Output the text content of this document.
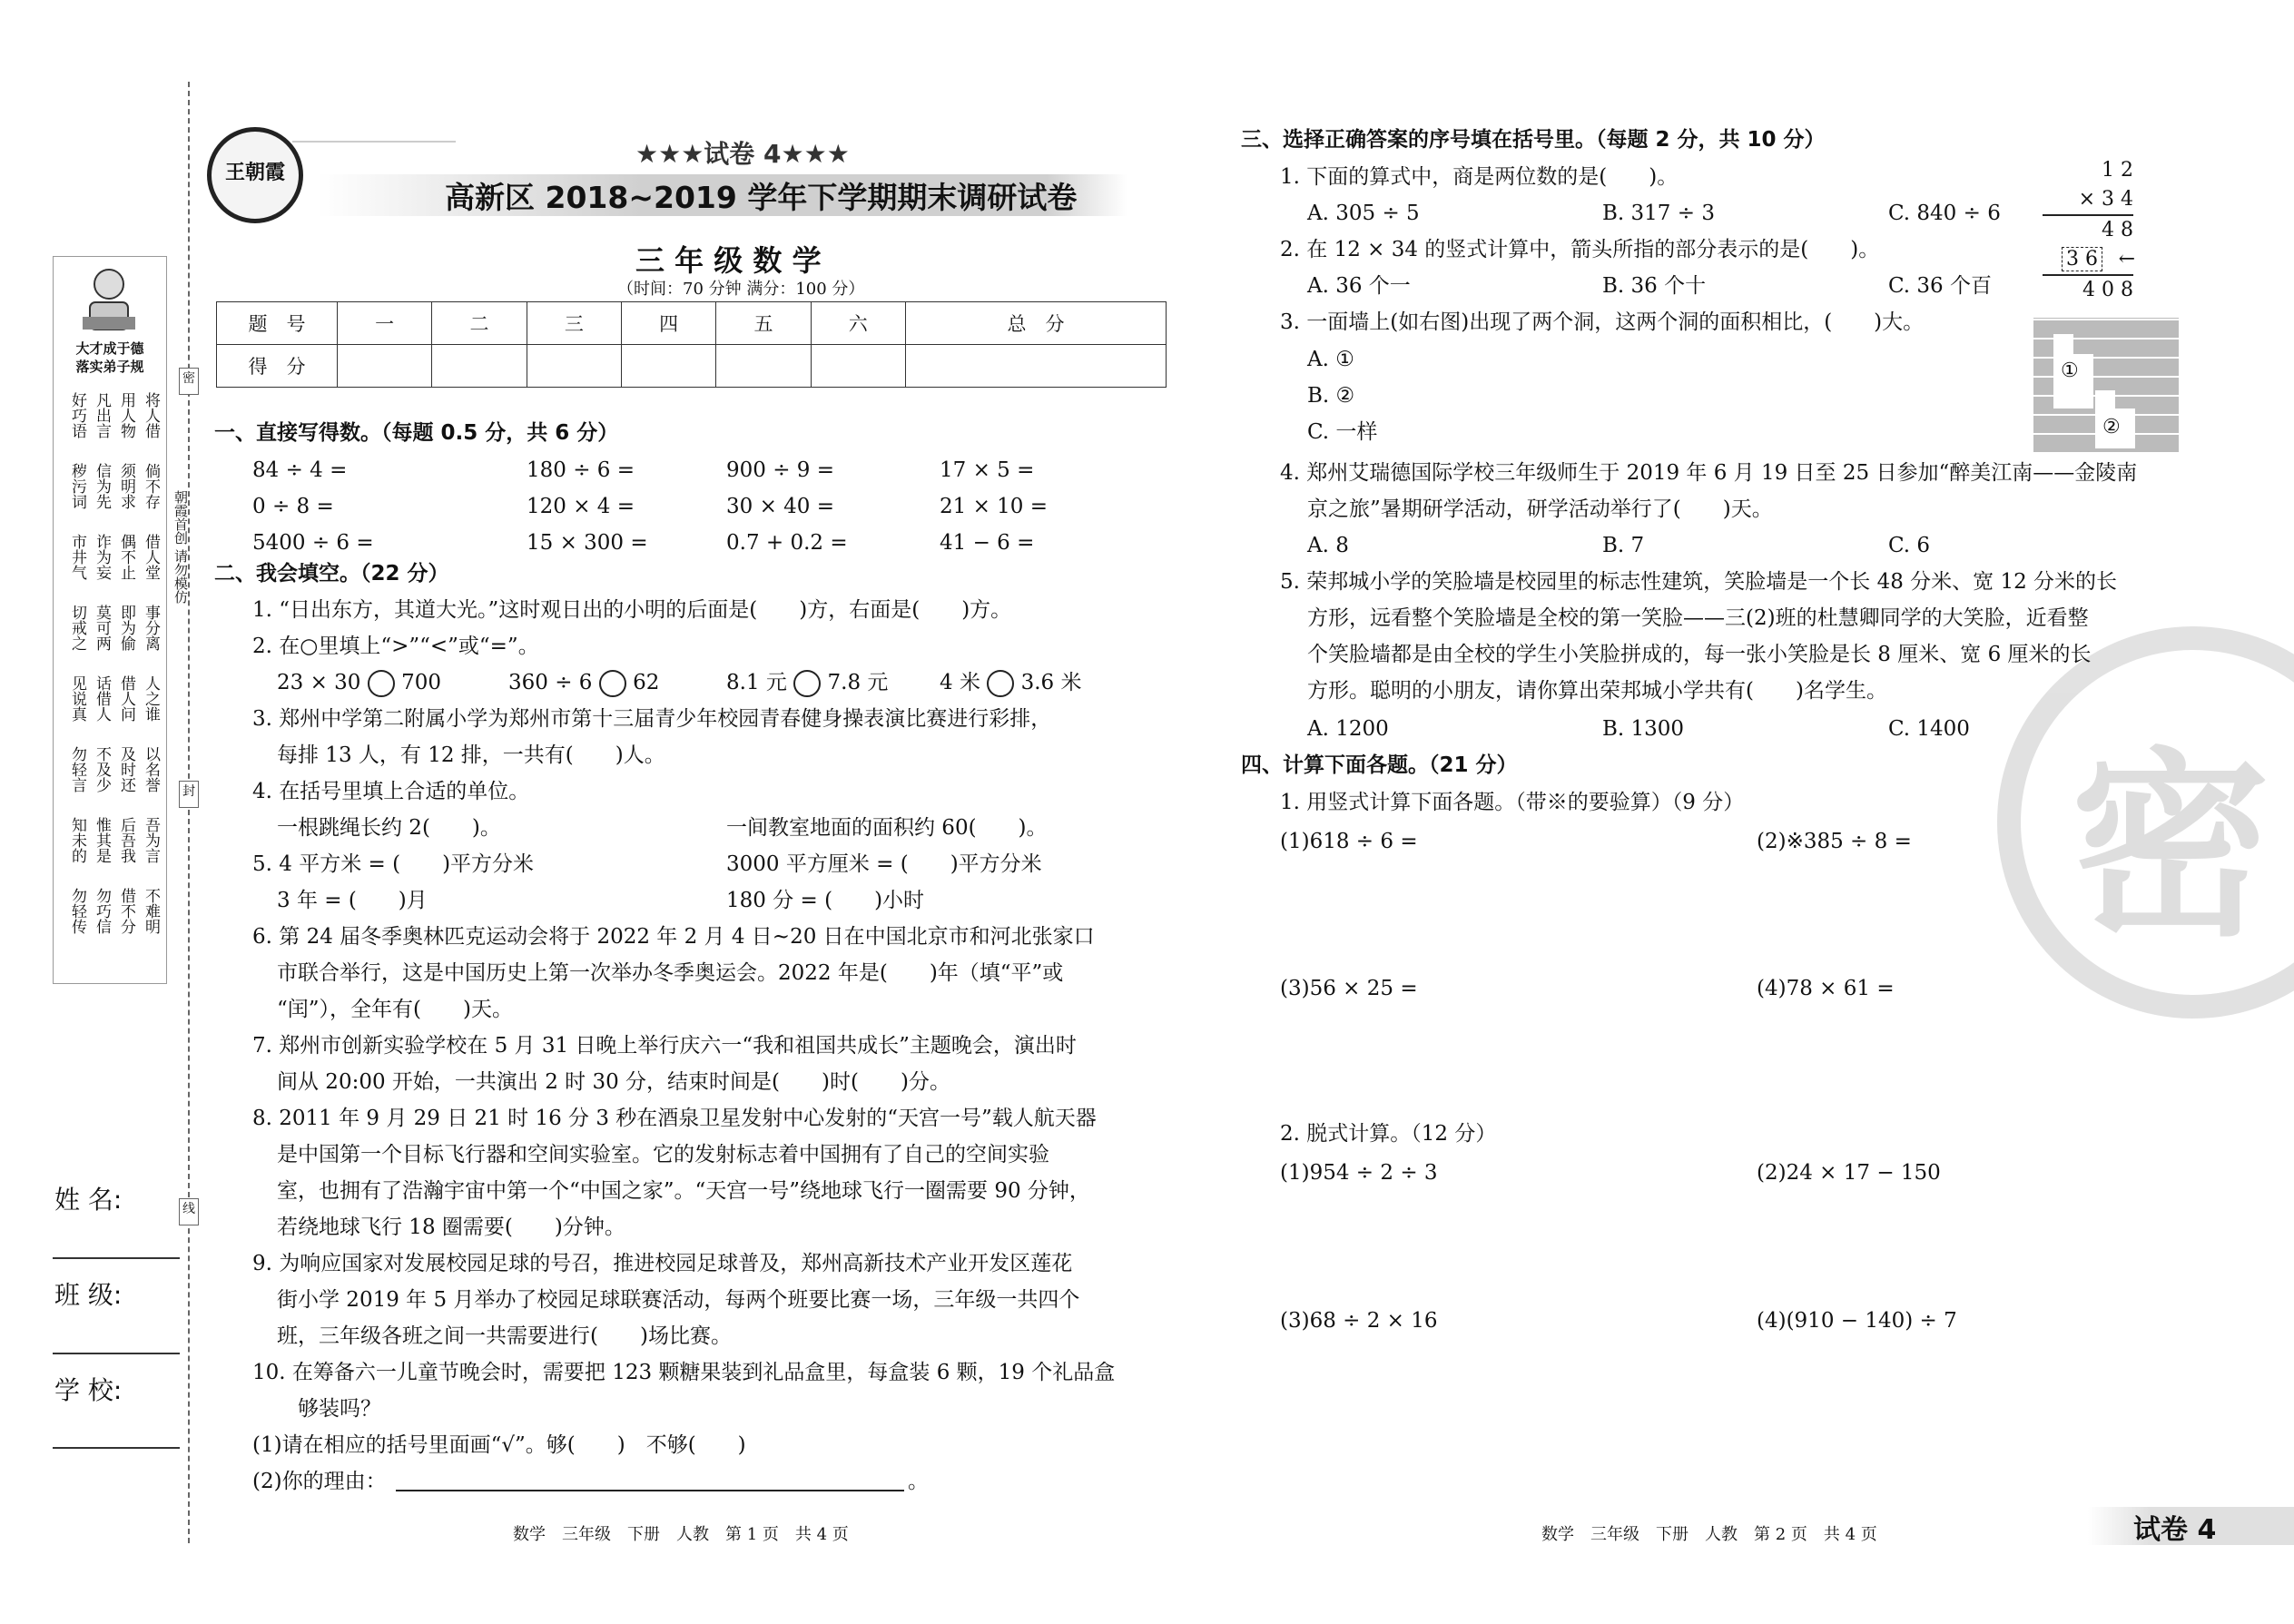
密
封
线
朝霞首创 请勿模仿
大才成于德
落实弟子规
好巧语 凡出言 用人物 将人借
秽污词 信为先 须明求 倘不存
市井气 诈为妄 偶不止 借人堂
切戒之 莫可两 即为偷 事分离
见说真 话借人 借人问 人之谁
勿轻言 不及少 及时还 以名誉
知未的 惟其是 后吾我 吾为言
勿轻传 勿巧信 借不分 不难明
姓 名:
班 级:
学 校:
王朝霞
★★★试卷 4★★★
高新区 2018~2019 学年下学期期末调研试卷
三 年 级 数 学
（时间：70 分钟 满分：100 分）
题　号	一	二	三	四	五	六	总　分
得　分							
一、直接写得数。（每题 0.5 分，共 6 分）
84 ÷ 4 =	180 ÷ 6 =	900 ÷ 9 =	17 × 5 =
0 ÷ 8 =	120 × 4 =	30 × 40 =	21 × 10 =
5400 ÷ 6 =	15 × 300 =	0.7 + 0.2 =	41 − 6 =
二、我会填空。（22 分）
1. “日出东方，其道大光。”这时观日出的小明的后面是(　　)方，右面是(　　)方。
2. 在○里填上“>”“<”或“=”。
23 × 30 700	360 ÷ 6 62	8.1 元 7.8 元 4 米 3.6 米
3. 郑州中学第二附属小学为郑州市第十三届青少年校园青春健身操表演比赛进行彩排，
每排 13 人，有 12 排，一共有(　　)人。
4. 在括号里填上合适的单位。
一根跳绳长约 2(　　)。	一间教室地面的面积约 60(　　)。
5. 4 平方米 = (　　)平方分米	3000 平方厘米 = (　　)平方分米
3 年 = (　　)月	180 分 = (　　)小时
6. 第 24 届冬季奥林匹克运动会将于 2022 年 2 月 4 日~20 日在中国北京市和河北张家口
市联合举行，这是中国历史上第一次举办冬季奥运会。2022 年是(　　)年（填“平”或
“闰”），全年有(　　)天。
7. 郑州市创新实验学校在 5 月 31 日晚上举行庆六一“我和祖国共成长”主题晚会，演出时
间从 20:00 开始，一共演出 2 时 30 分，结束时间是(　　)时(　　)分。
8. 2011 年 9 月 29 日 21 时 16 分 3 秒在酒泉卫星发射中心发射的“天宫一号”载人航天器
是中国第一个目标飞行器和空间实验室。它的发射标志着中国拥有了自己的空间实验
室，也拥有了浩瀚宇宙中第一个“中国之家”。“天宫一号”绕地球飞行一圈需要 90 分钟，
若绕地球飞行 18 圈需要(　　)分钟。
9. 为响应国家对发展校园足球的号召，推进校园足球普及，郑州高新技术产业开发区莲花
街小学 2019 年 5 月举办了校园足球联赛活动，每两个班要比赛一场，三年级一共四个
班，三年级各班之间一共需要进行(　　)场比赛。
10. 在筹备六一儿童节晚会时，需要把 123 颗糖果装到礼品盒里，每盒装 6 颗，19 个礼品盒
够装吗？
(1)请在相应的括号里面画“√”。够(　　)　不够(　　)
(2)你的理由：	。
数学　三年级　下册　人教　第 1 页　共 4 页
密
三、选择正确答案的序号填在括号里。（每题 2 分，共 10 分）
1. 下面的算式中，商是两位数的是(　　)。
A. 305 ÷ 5	B. 317 ÷ 3	C. 840 ÷ 6
2. 在 12 × 34 的竖式计算中，箭头所指的部分表示的是(　　)。
A. 36 个一	B. 36 个十	C. 36 个百
1 2
× 3 4
4 8
3 6 ←
4 0 8
3. 一面墙上(如右图)出现了两个洞，这两个洞的面积相比，(　　)大。
A. ①
B. ②
C. 一样
①
②
4. 郑州艾瑞德国际学校三年级师生于 2019 年 6 月 19 日至 25 日参加“醉美江南——金陵南
京之旅”暑期研学活动，研学活动举行了(　　)天。
A. 8	B. 7	C. 6
5. 荣邦城小学的笑脸墙是校园里的标志性建筑，笑脸墙是一个长 48 分米、宽 12 分米的长
方形，远看整个笑脸墙是全校的第一笑脸——三(2)班的杜慧卿同学的大笑脸，近看整
个笑脸墙都是由全校的学生小笑脸拼成的，每一张小笑脸是长 8 厘米、宽 6 厘米的长
方形。聪明的小朋友，请你算出荣邦城小学共有(　　)名学生。
A. 1200	B. 1300	C. 1400
四、计算下面各题。（21 分）
1. 用竖式计算下面各题。（带※的要验算）（9 分）
(1)618 ÷ 6 =	(2)※385 ÷ 8 =
(3)56 × 25 =	(4)78 × 61 =
2. 脱式计算。（12 分）
(1)954 ÷ 2 ÷ 3	(2)24 × 17 − 150
(3)68 ÷ 2 × 16	(4)(910 − 140) ÷ 7
数学　三年级　下册　人教　第 2 页　共 4 页	试卷 4
